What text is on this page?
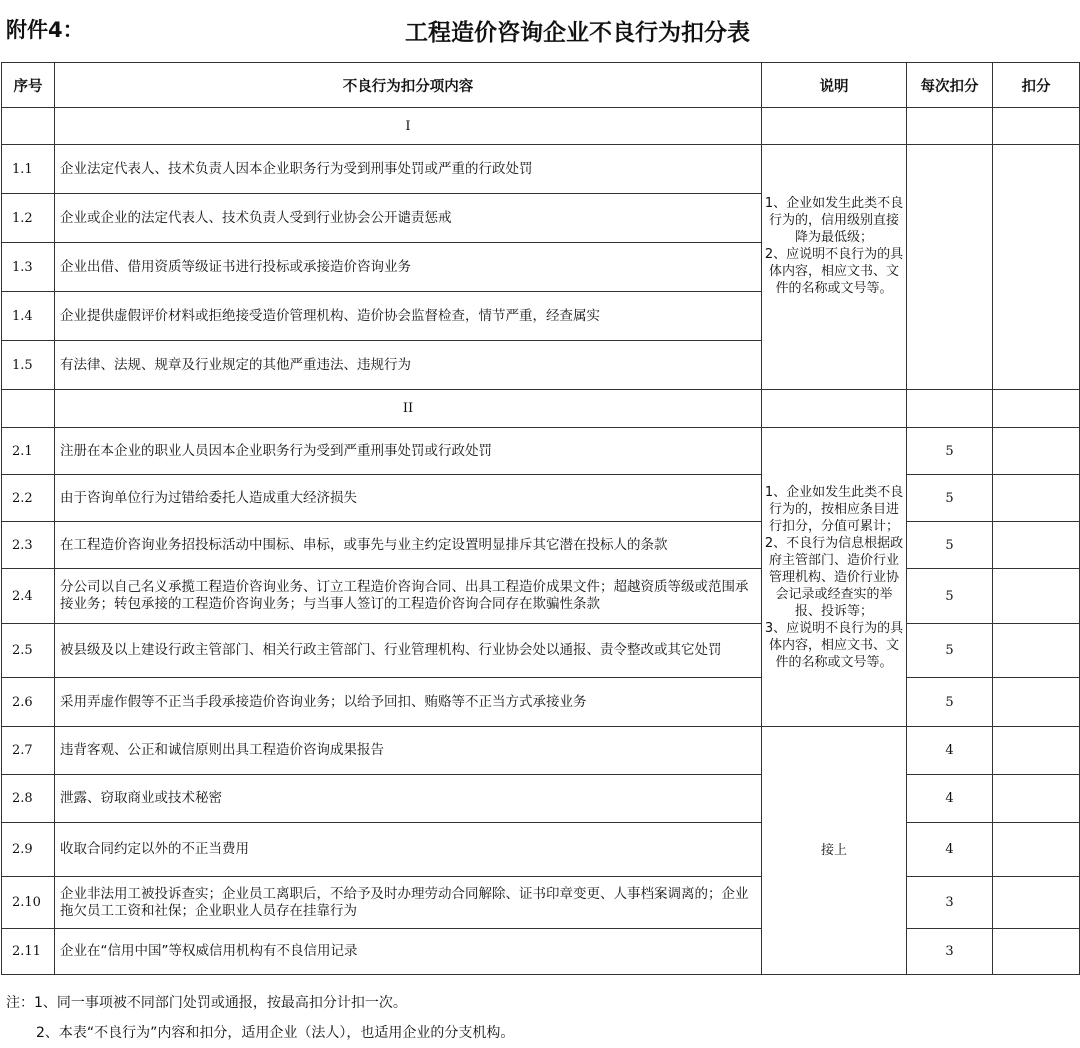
附件4：	工程造价咨询企业不良行为扣分表
序号	不良行为扣分项内容	说明	每次扣分	扣分
	I			
1.1	企业法定代表人、技术负责人因本企业职务行为受到刑事处罚或严重的行政处罚	1、企业如发生此类不良行为的，信用级别直接降为最低级；
2、应说明不良行为的具体内容，相应文书、文件的名称或文号等。		
1.2	企业或企业的法定代表人、技术负责人受到行业协会公开谴责惩戒			
1.3	企业出借、借用资质等级证书进行投标或承接造价咨询业务			
1.4	企业提供虚假评价材料或拒绝接受造价管理机构、造价协会监督检查，情节严重，经查属实			
1.5	有法律、法规、规章及行业规定的其他严重违法、违规行为			
	II			
2.1	注册在本企业的职业人员因本企业职务行为受到严重刑事处罚或行政处罚	1、企业如发生此类不良行为的，按相应条目进行扣分，分值可累计；
2、不良行为信息根据政府主管部门、造价行业管理机构、造价行业协会记录或经查实的举报、投诉等；
3、应说明不良行为的具体内容，相应文书、文件的名称或文号等。	5	
2.2	由于咨询单位行为过错给委托人造成重大经济损失		5	
2.3	在工程造价咨询业务招投标活动中围标、串标，或事先与业主约定设置明显排斥其它潜在投标人的条款		5	
2.4	分公司以自己名义承揽工程造价咨询业务、订立工程造价咨询合同、出具工程造价成果文件；超越资质等级或范围承接业务；转包承接的工程造价咨询业务；与当事人签订的工程造价咨询合同存在欺骗性条款		5	
2.5	被县级及以上建设行政主管部门、相关行政主管部门、行业管理机构、行业协会处以通报、责令整改或其它处罚		5	
2.6	采用弄虚作假等不正当手段承接造价咨询业务；以给予回扣、贿赂等不正当方式承接业务		5	
2.7	违背客观、公正和诚信原则出具工程造价咨询成果报告	接上	4	
2.8	泄露、窃取商业或技术秘密		4	
2.9	收取合同约定以外的不正当费用		4	
2.10	企业非法用工被投诉查实；企业员工离职后，不给予及时办理劳动合同解除、证书印章变更、人事档案调离的；企业拖欠员工工资和社保；企业职业人员存在挂靠行为		3	
2.11	企业在“信用中国”等权威信用机构有不良信用记录		3	
注：1、同一事项被不同部门处罚或通报，按最高扣分计扣一次。
2、本表“不良行为”内容和扣分，适用企业（法人），也适用企业的分支机构。
